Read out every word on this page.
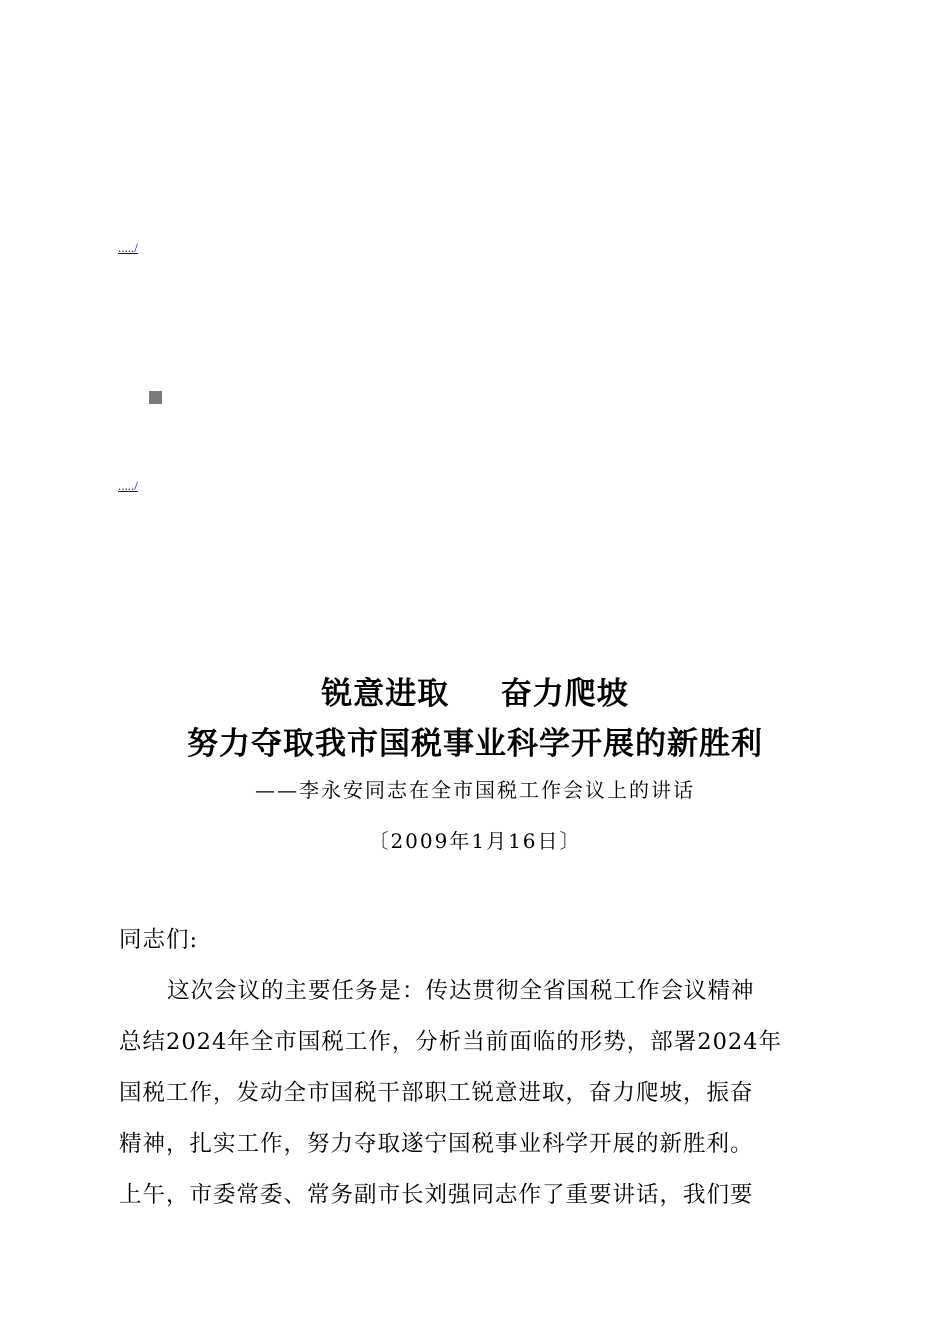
...../
...../
锐意进取  奋力爬坡
努力夺取我市国税事业科学开展的新胜利
——李永安同志在全市国税工作会议上的讲话
〔2009年1月16日〕
同志们:
这次会议的主要任务是：传达贯彻全省国税工作会议精神
总结2024年全市国税工作，分析当前面临的形势，部署2024年
国税工作，发动全市国税干部职工锐意进取，奋力爬坡，振奋
精神，扎实工作，努力夺取遂宁国税事业科学开展的新胜利。
上午，市委常委、常务副市长刘强同志作了重要讲话，我们要
